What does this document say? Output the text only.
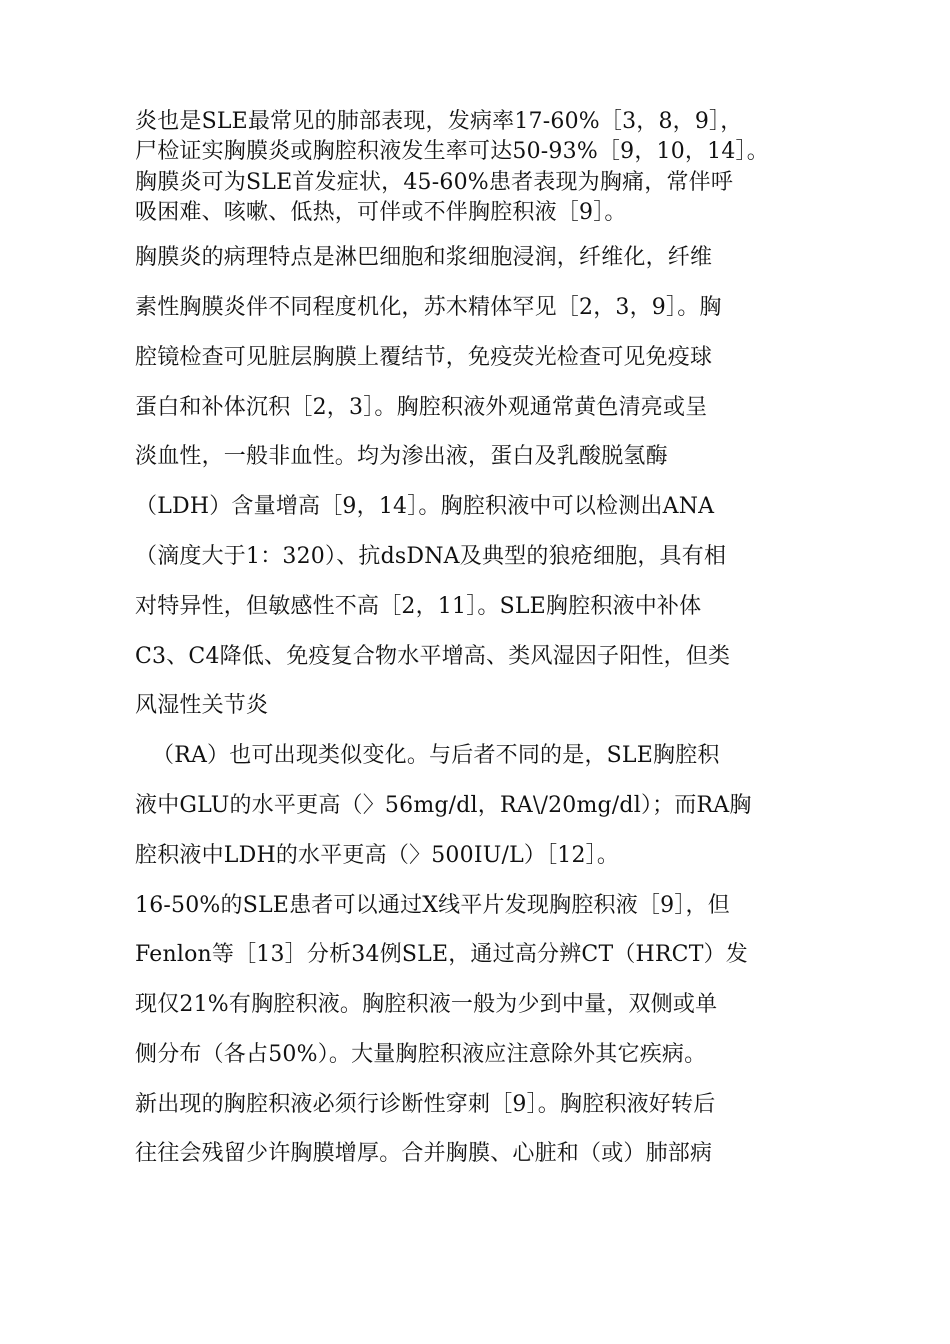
炎也是SLE最常见的肺部表现，发病率17-60%［3，8，9］，
尸检证实胸膜炎或胸腔积液发生率可达50-93%［9，10，14］。
胸膜炎可为SLE首发症状，45-60%患者表现为胸痛，常伴呼
吸困难、咳嗽、低热，可伴或不伴胸腔积液［9］。
胸膜炎的病理特点是淋巴细胞和浆细胞浸润，纤维化，纤维
素性胸膜炎伴不同程度机化，苏木精体罕见［2，3，9］。胸
腔镜检查可见脏层胸膜上覆结节，免疫荧光检查可见免疫球
蛋白和补体沉积［2，3］。胸腔积液外观通常黄色清亮或呈
淡血性，一般非血性。均为渗出液，蛋白及乳酸脱氢酶
（LDH）含量增高［9，14］。胸腔积液中可以检测出ANA
（滴度大于1：320）、抗dsDNA及典型的狼疮细胞，具有相
对特异性，但敏感性不高［2，11］。SLE胸腔积液中补体
C3、C4降低、免疫复合物水平增高、类风湿因子阳性，但类
风湿性关节炎
（RA）也可出现类似变化。与后者不同的是，SLE胸腔积
液中GLU的水平更高（〉56mg/dl，RA\/20mg/dl）；而RA胸
腔积液中LDH的水平更高（〉500IU/L）［12］。
16-50%的SLE患者可以通过X线平片发现胸腔积液［9］，但
Fenlon等［13］分析34例SLE，通过高分辨CT（HRCT）发
现仅21%有胸腔积液。胸腔积液一般为少到中量，双侧或单
侧分布（各占50%）。大量胸腔积液应注意除外其它疾病。
新出现的胸腔积液必须行诊断性穿刺［9］。胸腔积液好转后
往往会残留少许胸膜增厚。合并胸膜、心脏和（或）肺部病
